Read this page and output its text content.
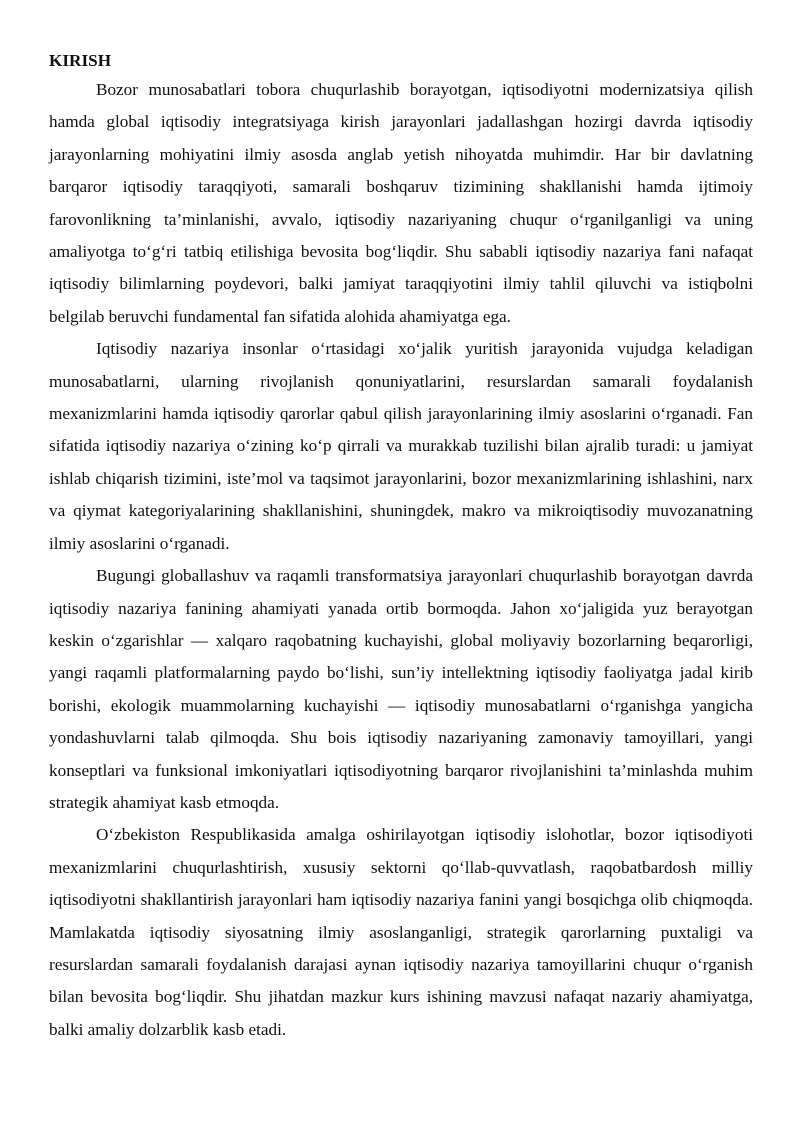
KIRISH

Bozor munosabatlari tobora chuqurlashib borayotgan, iqtisodiyotni modernizatsiya qilish hamda global iqtisodiy integratsiyaga kirish jarayonlari jadallashgan hozirgi davrda iqtisodiy jarayonlarning mohiyatini ilmiy asosda anglab yetish nihoyatda muhimdir. Har bir davlatning barqaror iqtisodiy taraqqiyoti, samarali boshqaruv tizimining shakllanishi hamda ijtimoiy farovonlikning ta’minlanishi, avvalo, iqtisodiy nazariyaning chuqur o‘rganilganligi va uning amaliyotga to‘g‘ri tatbiq etilishiga bevosita bog‘liqdir. Shu sababli iqtisodiy nazariya fani nafaqat iqtisodiy bilimlarning poydevori, balki jamiyat taraqqiyotini ilmiy tahlil qiluvchi va istiqbolni belgilab beruvchi fundamental fan sifatida alohida ahamiyatga ega.

Iqtisodiy nazariya insonlar o‘rtasidagi xo‘jalik yuritish jarayonida vujudga keladigan munosabatlarni, ularning rivojlanish qonuniyatlarini, resurslardan samarali foydalanish mexanizmlarini hamda iqtisodiy qarorlar qabul qilish jarayonlarining ilmiy asoslarini o‘rganadi. Fan sifatida iqtisodiy nazariya o‘zining ko‘p qirrali va murakkab tuzilishi bilan ajralib turadi: u jamiyat ishlab chiqarish tizimini, iste’mol va taqsimot jarayonlarini, bozor mexanizmlarining ishlashini, narx va qiymat kategoriyalarining shakllanishini, shuningdek, makro va mikroiqtisodiy muvozanatning ilmiy asoslarini o‘rganadi.

Bugungi globallashuv va raqamli transformatsiya jarayonlari chuqurlashib borayotgan davrda iqtisodiy nazariya fanining ahamiyati yanada ortib bormoqda. Jahon xo‘jaligida yuz berayotgan keskin o‘zgarishlar — xalqaro raqobatning kuchayishi, global moliyaviy bozorlarning beqarorligi, yangi raqamli platformalarning paydo bo‘lishi, sun’iy intellektning iqtisodiy faoliyatga jadal kirib borishi, ekologik muammolarning kuchayishi — iqtisodiy munosabatlarni o‘rganishga yangicha yondashuvlarni talab qilmoqda. Shu bois iqtisodiy nazariyaning zamonaviy tamoyillari, yangi konseptlari va funksional imkoniyatlari iqtisodiyotning barqaror rivojlanishini ta’minlashda muhim strategik ahamiyat kasb etmoqda.

O‘zbekiston Respublikasida amalga oshirilayotgan iqtisodiy islohotlar, bozor iqtisodiyoti mexanizmlarini chuqurlashtirish, xususiy sektorni qo‘llab-quvvatlash, raqobatbardosh milliy iqtisodiyotni shakllantirish jarayonlari ham iqtisodiy nazariya fanini yangi bosqichga olib chiqmoqda. Mamlakatda iqtisodiy siyosatning ilmiy asoslanganligi, strategik qarorlarning puxtaligi va resurslardan samarali foydalanish darajasi aynan iqtisodiy nazariya tamoyillarini chuqur o‘rganish bilan bevosita bog‘liqdir. Shu jihatdan mazkur kurs ishining mavzusi nafaqat nazariy ahamiyatga, balki amaliy dolzarblik kasb etadi.
